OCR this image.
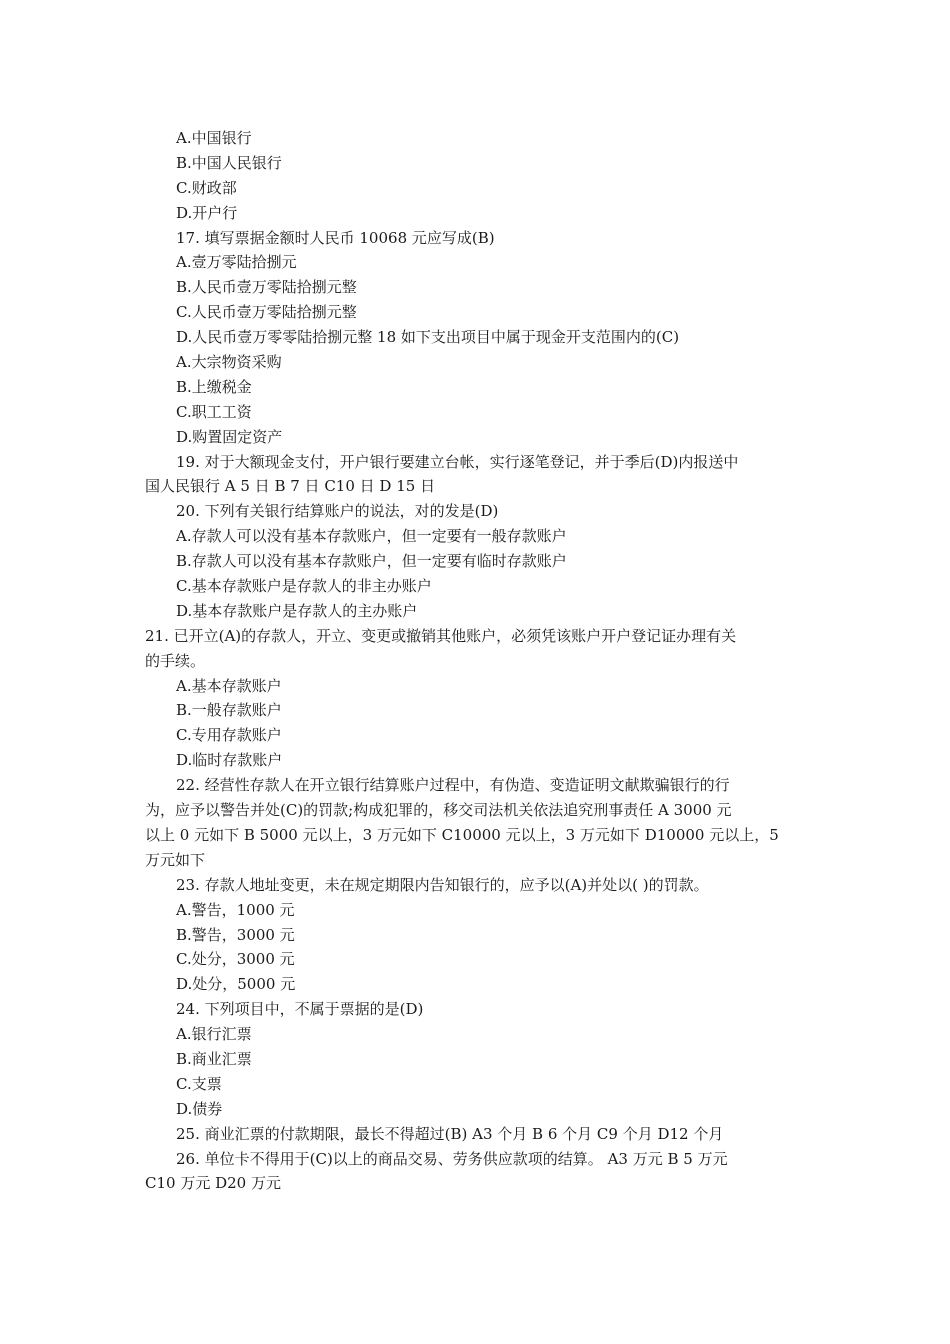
A.中国银行
B.中国人民银行
C.财政部
D.开户行
17. 填写票据金额时人民币 10068 元应写成(B)
A.壹万零陆拾捌元
B.人民币壹万零陆拾捌元整
C.人民币壹万零陆拾捌元整
D.人民币壹万零零陆拾捌元整 18 如下支出项目中属于现金开支范围内的(C)
A.大宗物资采购
B.上缴税金
C.职工工资
D.购置固定资产
19. 对于大额现金支付，开户银行要建立台帐，实行逐笔登记，并于季后(D)内报送中
国人民银行 A 5 日 B 7 日 C10 日 D 15 日
20. 下列有关银行结算账户的说法，对的发是(D)
A.存款人可以没有基本存款账户，但一定要有一般存款账户
B.存款人可以没有基本存款账户，但一定要有临时存款账户
C.基本存款账户是存款人的非主办账户
D.基本存款账户是存款人的主办账户
21. 已开立(A)的存款人，开立、变更或撤销其他账户，必须凭该账户开户登记证办理有关
的手续。
A.基本存款账户
B.一般存款账户
C.专用存款账户
D.临时存款账户
22. 经营性存款人在开立银行结算账户过程中，有伪造、变造证明文献欺骗银行的行
为，应予以警告并处(C)的罚款;构成犯罪的，移交司法机关依法追究刑事责任 A 3000 元
以上 0 元如下 B 5000 元以上，3 万元如下 C10000 元以上，3 万元如下 D10000 元以上，5
万元如下
23. 存款人地址变更，未在规定期限内告知银行的，应予以(A)并处以( )的罚款。
A.警告，1000 元
B.警告，3000 元
C.处分，3000 元
D.处分，5000 元
24. 下列项目中，不属于票据的是(D)
A.银行汇票
B.商业汇票
C.支票
D.债券
25. 商业汇票的付款期限，最长不得超过(B) A3 个月 B 6 个月 C9 个月 D12 个月
26. 单位卡不得用于(C)以上的商品交易、劳务供应款项的结算。 A3 万元 B 5 万元
C10 万元 D20 万元
